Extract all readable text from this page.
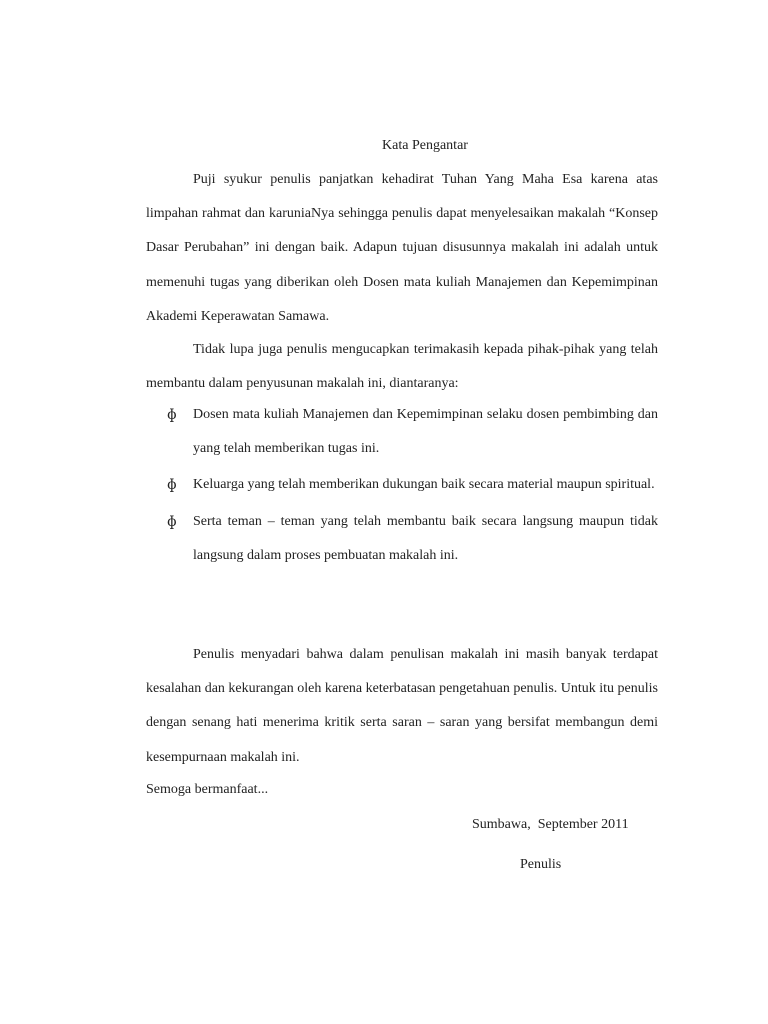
Kata Pengantar

Puji syukur penulis panjatkan kehadirat Tuhan Yang Maha Esa karena atas limpahan rahmat dan karuniaNya sehingga penulis dapat menyelesaikan makalah “Konsep Dasar Perubahan” ini dengan baik. Adapun tujuan disusunnya makalah ini adalah untuk memenuhi tugas yang diberikan oleh Dosen mata kuliah Manajemen dan Kepemimpinan Akademi Keperawatan Samawa.

Tidak lupa juga penulis mengucapkan terimakasih kepada pihak-pihak yang telah membantu dalam penyusunan makalah ini, diantaranya:

ɸ Dosen mata kuliah Manajemen dan Kepemimpinan selaku dosen pembimbing dan yang telah memberikan tugas ini.
ɸ Keluarga yang telah memberikan dukungan baik secara material maupun spiritual.
ɸ Serta teman – teman yang telah membantu baik secara langsung maupun tidak langsung dalam proses pembuatan makalah ini.

Penulis menyadari bahwa dalam penulisan makalah ini masih banyak terdapat kesalahan dan kekurangan oleh karena keterbatasan pengetahuan penulis. Untuk itu penulis dengan senang hati menerima kritik serta saran – saran yang bersifat membangun demi kesempurnaan makalah ini.

Semoga bermanfaat...
Sumbawa,  September 2011
Penulis
